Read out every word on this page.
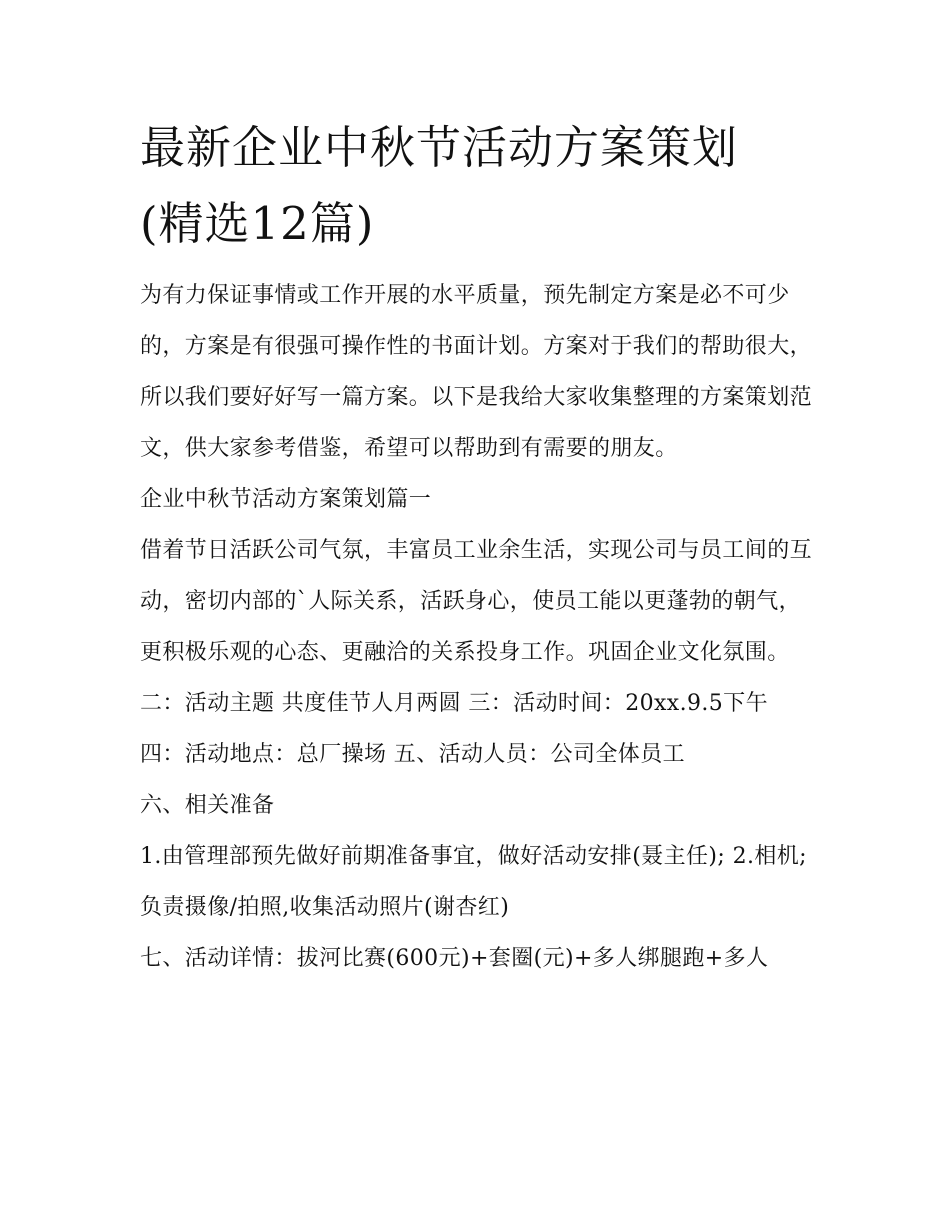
最新企业中秋节活动方案策划
(精选12篇)

为有力保证事情或工作开展的水平质量，预先制定方案是必不可少的，方案是有很强可操作性的书面计划。方案对于我们的帮助很大，所以我们要好好写一篇方案。以下是我给大家收集整理的方案策划范文，供大家参考借鉴，希望可以帮助到有需要的朋友。

企业中秋节活动方案策划篇一

借着节日活跃公司气氛，丰富员工业余生活，实现公司与员工间的互动，密切内部的`人际关系，活跃身心，使员工能以更蓬勃的朝气，更积极乐观的心态、更融洽的关系投身工作。巩固企业文化氛围。

二：活动主题 共度佳节人月两圆 三：活动时间：20xx.9.5下午 四：活动地点：总厂操场 五、活动人员：公司全体员工

六、相关准备

1.由管理部预先做好前期准备事宜，做好活动安排(聂主任); 2.相机;负责摄像/拍照,收集活动照片(谢杏红)

七、活动详情：拔河比赛(600元)+套圈(元)+多人绑腿跑+多人
